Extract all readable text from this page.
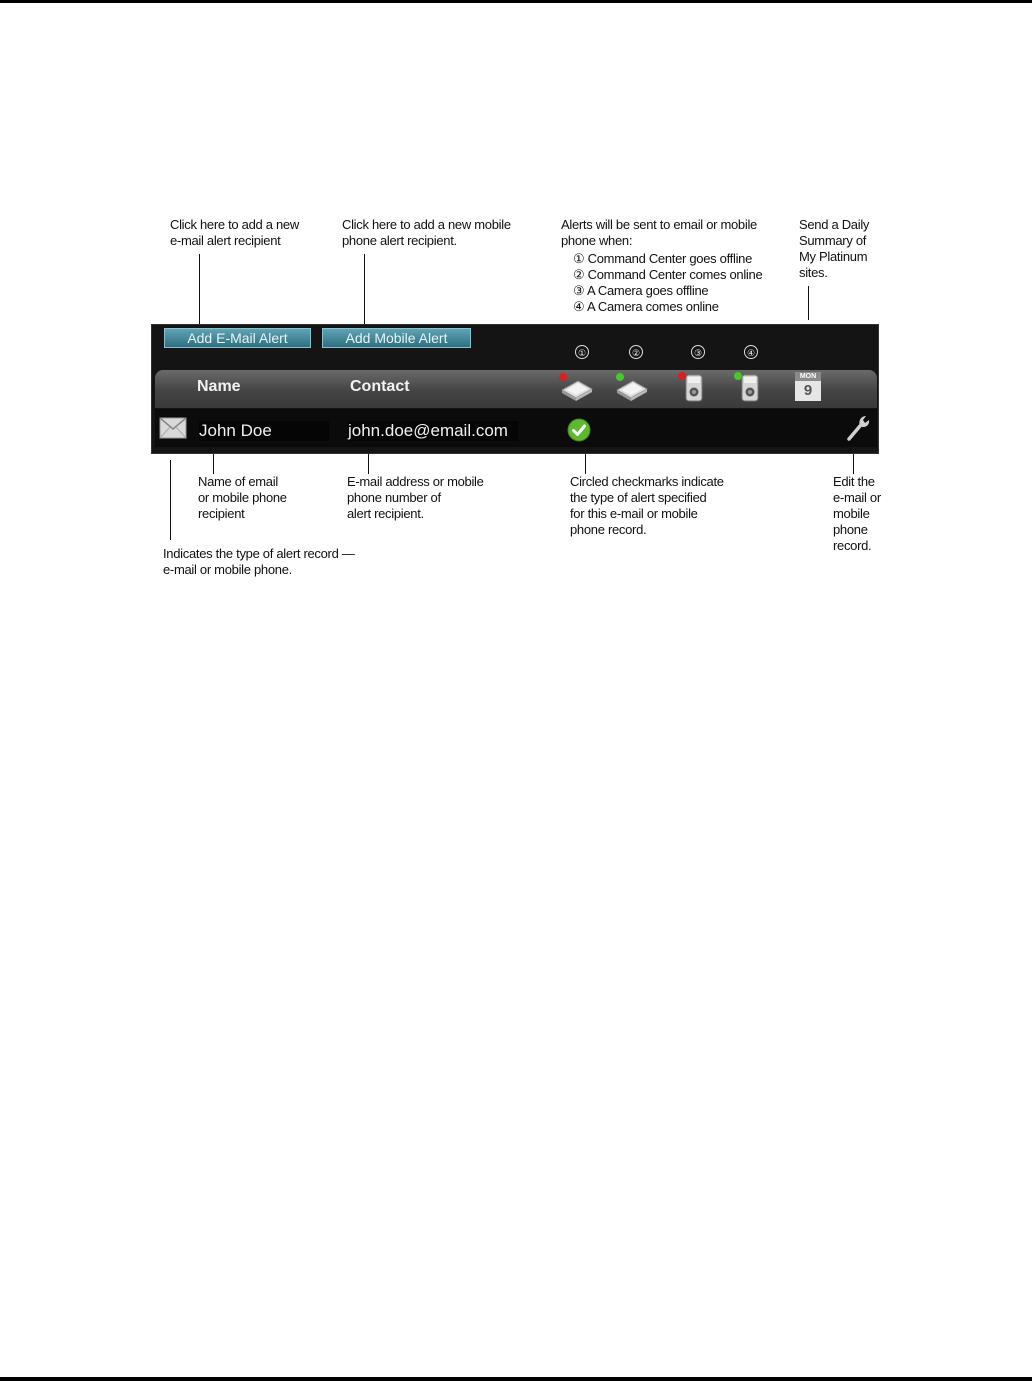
Click here to add a new
e-mail alert recipient
Click here to add a new mobile
phone alert recipient.
Alerts will be sent to email or mobile
phone when:
① Command Center goes offline
② Command Center comes online
③ A Camera goes offline
④ A Camera comes online
Send a Daily
Summary of
My Platinum
sites.
Add E-Mail Alert	Add Mobile Alert
①	②	③	④
Name	Contact
MON
9
John Doe	john.doe@email.com
Name of email
or mobile phone
recipient
E-mail address or mobile
phone number of
alert recipient.
Circled checkmarks indicate
the type of alert specified
for this e-mail or mobile
phone record.
Edit the
e-mail or
mobile
phone
record.
Indicates the type of alert record —
e-mail or mobile phone.
